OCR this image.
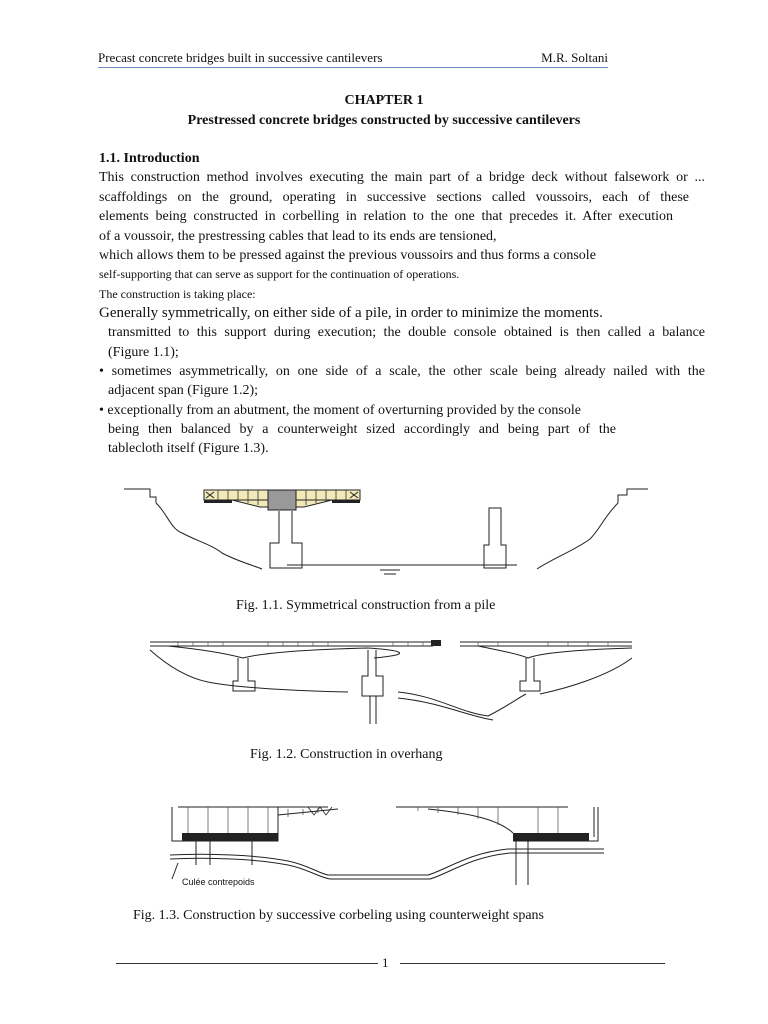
Precast concrete bridges built in successive cantilevers	M.R. Soltani
CHAPTER 1
Prestressed concrete bridges constructed by successive cantilevers
1.1. Introduction
This construction method involves executing the main part of a bridge deck without falsework or ...
scaffoldings on the ground, operating in successive sections called voussoirs, each of these
elements being constructed in corbelling in relation to the one that precedes it. After execution
of a voussoir, the prestressing cables that lead to its ends are tensioned,
which allows them to be pressed against the previous voussoirs and thus forms a console
self-supporting that can serve as support for the continuation of operations.
The construction is taking place:
Generally symmetrically, on either side of a pile, in order to minimize the moments.
transmitted to this support during execution; the double console obtained is then called a balance
(Figure 1.1);
• sometimes asymmetrically, on one side of a scale, the other scale being already nailed with the
adjacent span (Figure 1.2);
• exceptionally from an abutment, the moment of overturning provided by the console
being then balanced by a counterweight sized accordingly and being part of the
tablecloth itself (Figure 1.3).
Fig. 1.1. Symmetrical construction from a pile
Fig. 1.2. Construction in overhang
Culée contrepoids
Fig. 1.3. Construction by successive corbeling using counterweight spans
1
